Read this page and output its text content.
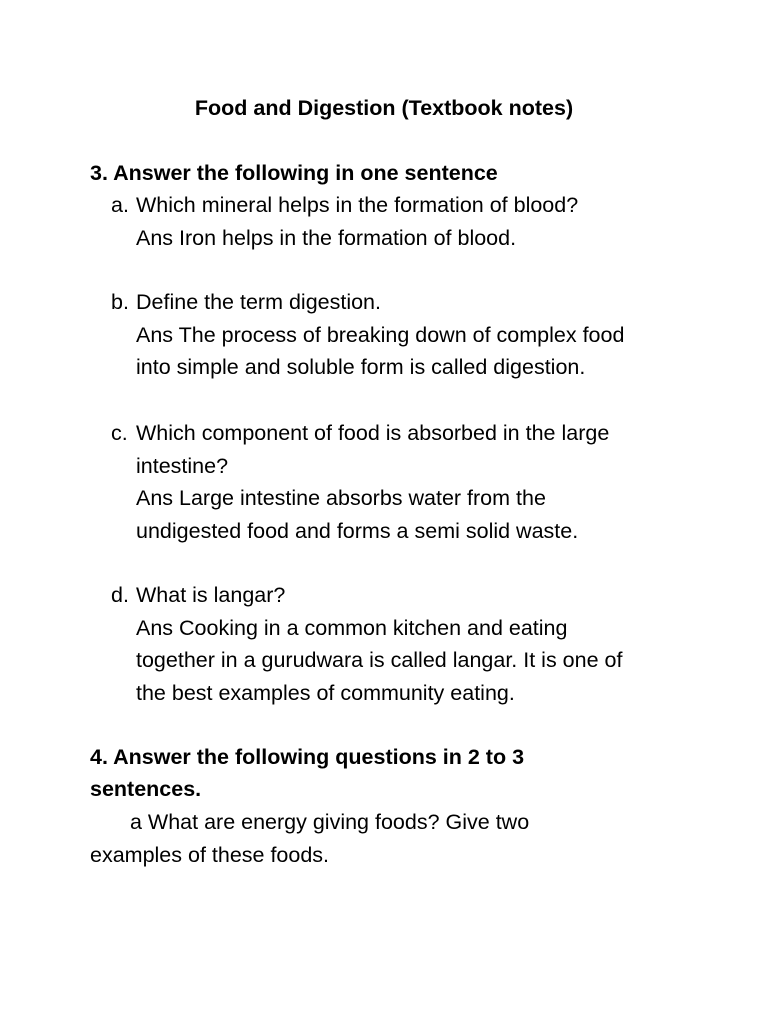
Food and Digestion (Textbook notes)
3. Answer the following in one sentence
a. Which mineral helps in the formation of blood?
Ans Iron helps in the formation of blood.
b. Define the term digestion.
Ans The process of breaking down of complex food
into simple and soluble form is called digestion.
c. Which component of food is absorbed in the large
intestine?
Ans Large intestine absorbs water from the
undigested food and forms a semi solid waste.
d. What is langar?
Ans Cooking in a common kitchen and eating
together in a gurudwara is called langar. It is one of
the best examples of community eating.
4. Answer the following questions in 2 to 3
sentences.
a What are energy giving foods? Give two
examples of these foods.
